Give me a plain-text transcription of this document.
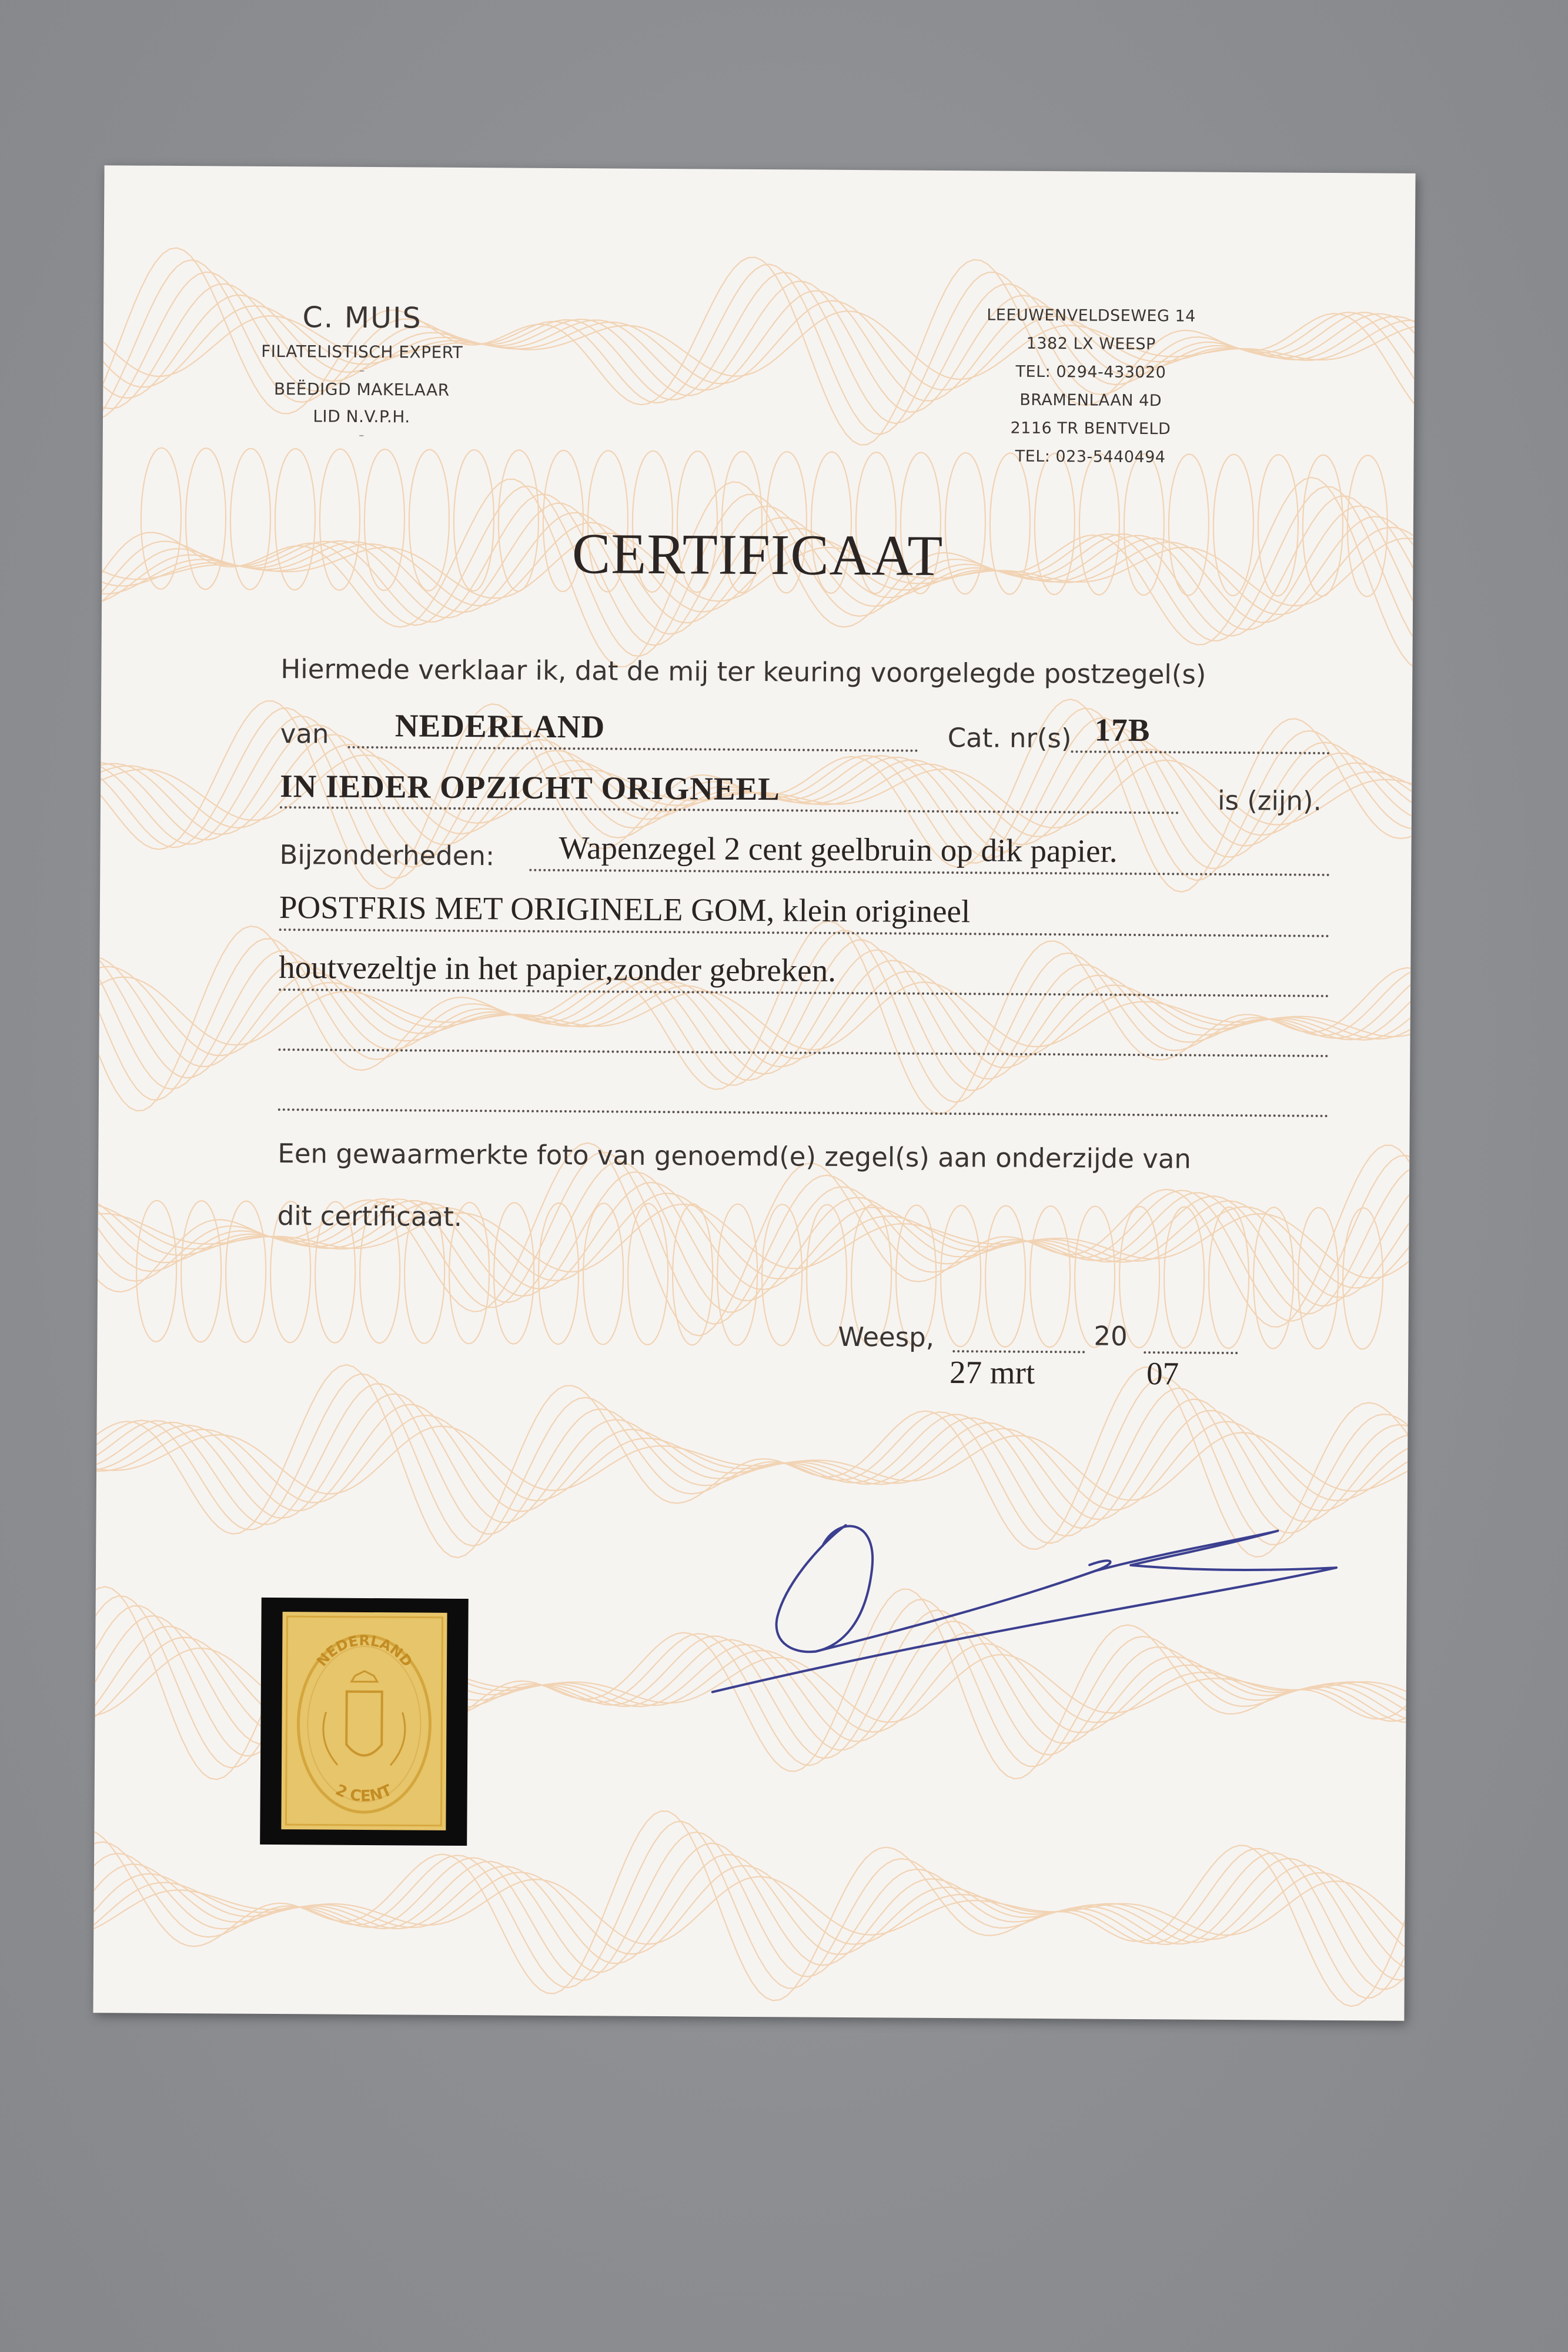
C. MUIS
FILATELISTISCH EXPERT
–
BEËDIGD MAKELAAR
LID N.V.P.H.
–
LEEUWENVELDSEWEG 14
1382 LX WEESP
TEL: 0294-433020
BRAMENLAAN 4D
2116 TR BENTVELD
TEL: 023-5440494
CERTIFICAAT
Hiermede verklaar ik, dat de mij ter keuring voorgelegde postzegel(s)
van NEDERLAND	Cat. nr(s) 17B
IN IEDER OPZICHT ORIGNEEL	is (zijn).
Bijzonderheden: Wapenzegel 2 cent geelbruin op dik papier.
POSTFRIS MET ORIGINELE GOM, klein origineel
houtvezeltje in het papier,zonder gebreken.
Een gewaarmerkte foto van genoemd(e) zegel(s) aan onderzijde van
dit certificaat.
Weesp,	20
27 mrt	07
NEDERLAND
2 CENT
